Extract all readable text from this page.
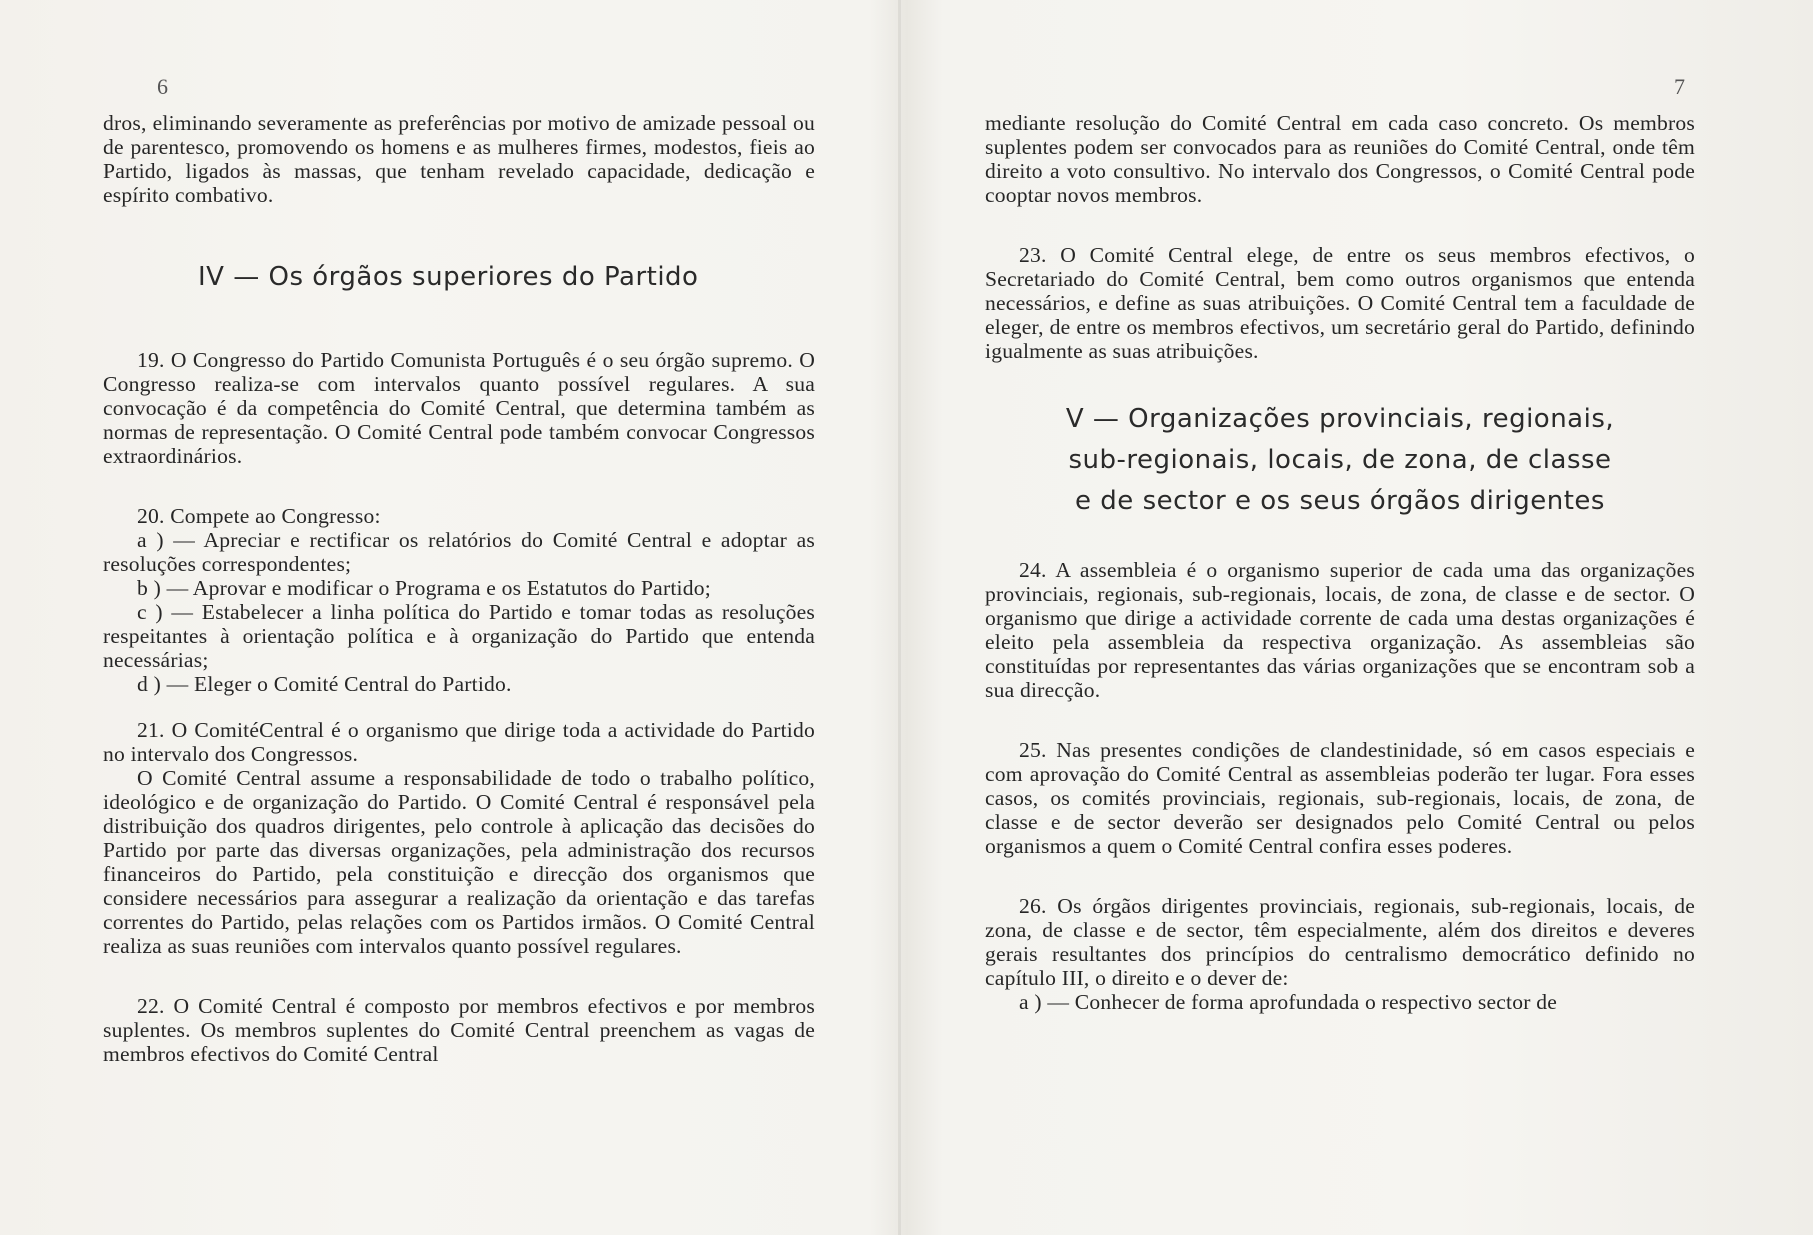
6

dros, eliminando severamente as preferências por motivo de amizade pessoal ou de parentesco, promovendo os homens e as mulheres firmes, modestos, fieis ao Partido, ligados às massas, que tenham revelado capacidade, dedicação e espírito combativo.

IV — Os órgãos superiores do Partido

19. O Congresso do Partido Comunista Português é o seu órgão supremo. O Congresso realiza-se com intervalos quanto possível regulares. A sua convocação é da competência do Comité Central, que determina também as normas de representação. O Comité Central pode também convocar Congressos extraordinários.

20. Compete ao Congresso:

a ) — Apreciar e rectificar os relatórios do Comité Central e adoptar as resoluções correspondentes;

b ) — Aprovar e modificar o Programa e os Estatutos do Partido;

c ) — Estabelecer a linha política do Partido e tomar todas as resoluções respeitantes à orientação política e à organização do Partido que entenda necessárias;

d ) — Eleger o Comité Central do Partido.

21. O ComitéCentral é o organismo que dirige toda a actividade do Partido no intervalo dos Congressos.

O Comité Central assume a responsabilidade de todo o trabalho político, ideológico e de organização do Partido. O Comité Central é responsável pela distribuição dos quadros dirigentes, pelo controle à aplicação das decisões do Partido por parte das diversas organizações, pela administração dos recursos financeiros do Partido, pela constituição e direcção dos organismos que considere necessários para assegurar a realização da orientação e das tarefas correntes do Partido, pelas relações com os Partidos irmãos. O Comité Central realiza as suas reuniões com intervalos quanto possível regulares.

22. O Comité Central é composto por membros efectivos e por membros suplentes. Os membros suplentes do Comité Central preenchem as vagas de membros efectivos do Comité Central

7

mediante resolução do Comité Central em cada caso concreto. Os membros suplentes podem ser convocados para as reuniões do Comité Central, onde têm direito a voto consultivo. No intervalo dos Congressos, o Comité Central pode cooptar novos membros.

23. O Comité Central elege, de entre os seus membros efectivos, o Secretariado do Comité Central, bem como outros organismos que entenda necessários, e define as suas atribuições. O Comité Central tem a faculdade de eleger, de entre os membros efectivos, um secretário geral do Partido, definindo igualmente as suas atribuições.

V — Organizações provinciais, regionais,
sub-regionais, locais, de zona, de classe
e de sector e os seus órgãos dirigentes

24. A assembleia é o organismo superior de cada uma das organizações provinciais, regionais, sub-regionais, locais, de zona, de classe e de sector. O organismo que dirige a actividade corrente de cada uma destas organizações é eleito pela assembleia da respectiva organização. As assembleias são constituídas por representantes das várias organizações que se encontram sob a sua direcção.

25. Nas presentes condições de clandestinidade, só em casos especiais e com aprovação do Comité Central as assembleias poderão ter lugar. Fora esses casos, os comités provinciais, regionais, sub-regionais, locais, de zona, de classe e de sector deverão ser designados pelo Comité Central ou pelos organismos a quem o Comité Central confira esses poderes.

26. Os órgãos dirigentes provinciais, regionais, sub-regionais, locais, de zona, de classe e de sector, têm especialmente, além dos direitos e deveres gerais resultantes dos princípios do centralismo democrático definido no capítulo III, o direito e o dever de:

a ) — Conhecer de forma aprofundada o respectivo sector de
